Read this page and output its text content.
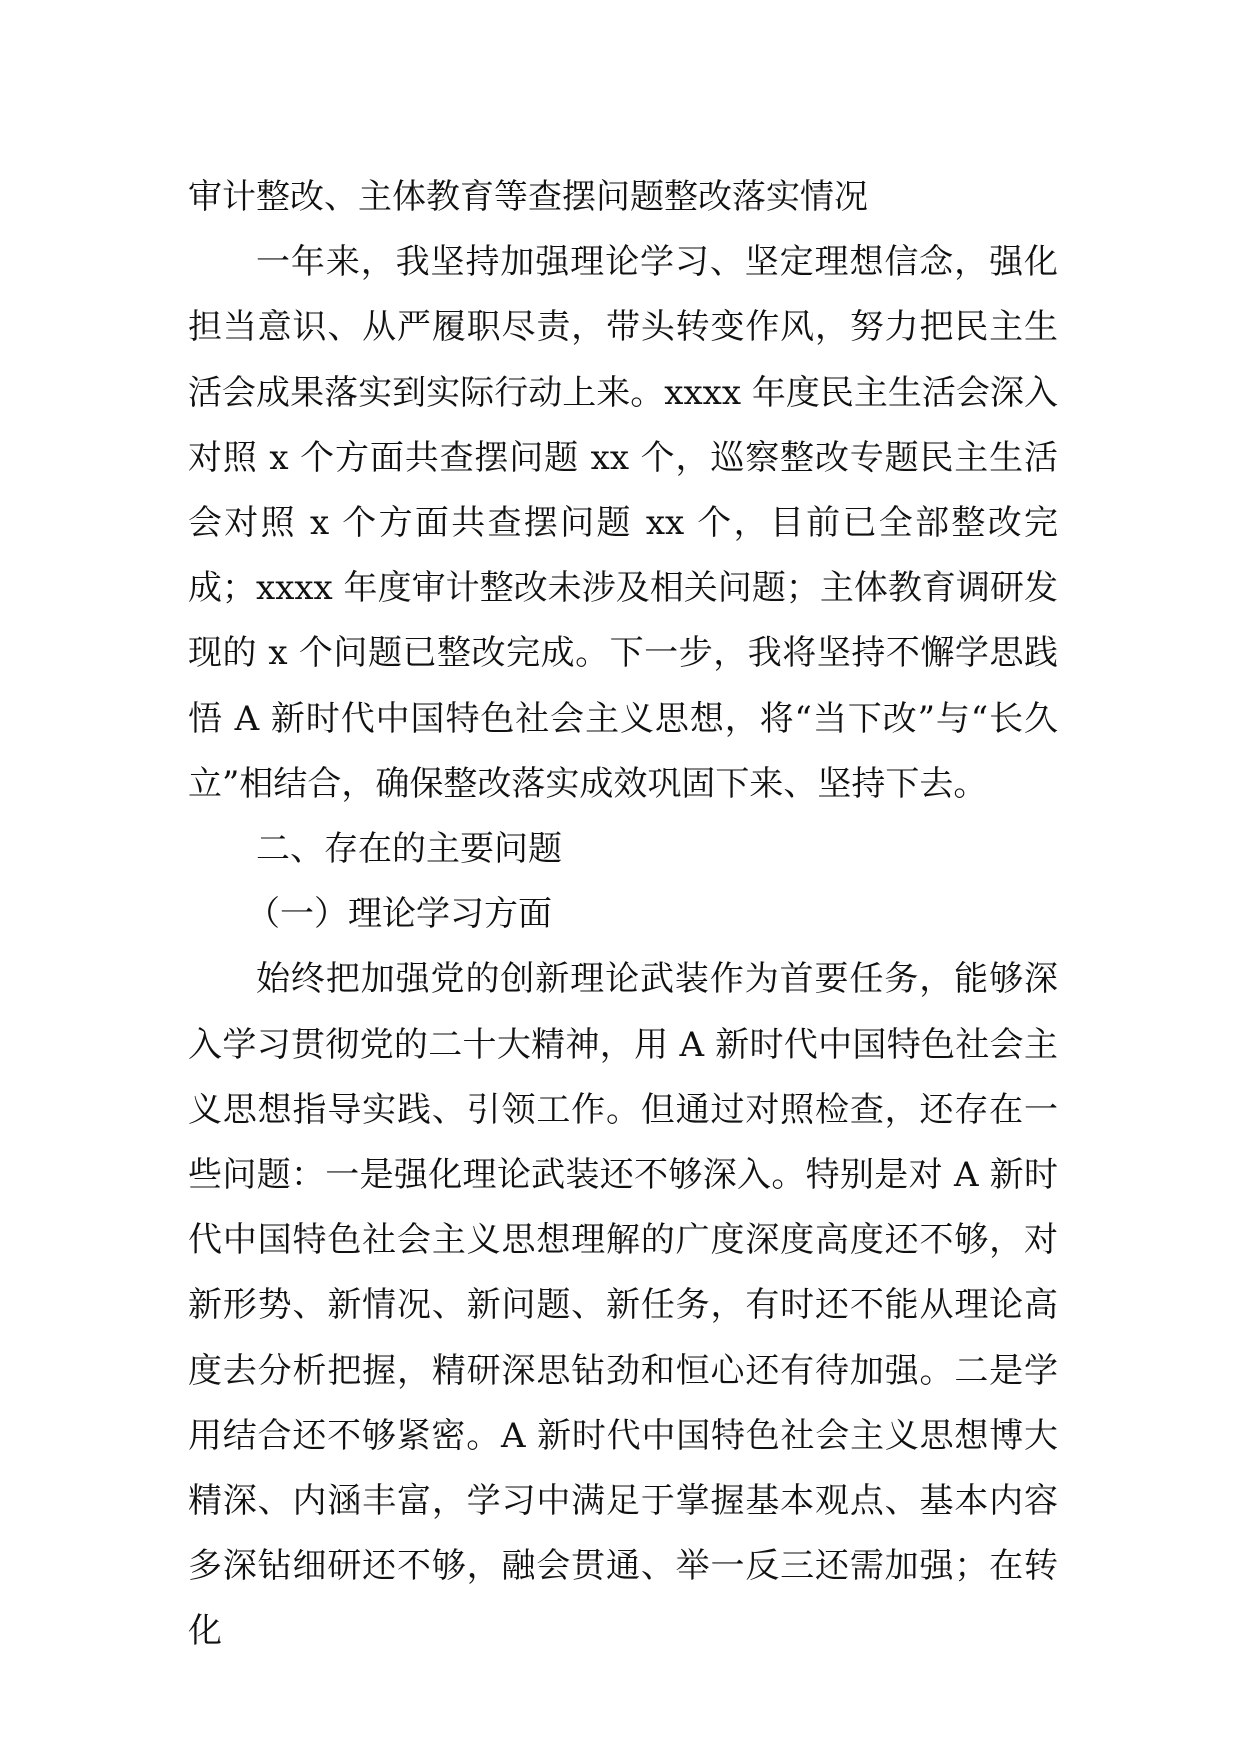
审计整改、主体教育等查摆问题整改落实情况

一年来，我坚持加强理论学习、坚定理想信念，强化担当意识、从严履职尽责，带头转变作风，努力把民主生活会成果落实到实际行动上来。xxxx 年度民主生活会深入对照 x 个方面共查摆问题 xx 个，巡察整改专题民主生活会对照 x 个方面共查摆问题 xx 个，目前已全部整改完成；xxxx 年度审计整改未涉及相关问题；主体教育调研发现的 x 个问题已整改完成。下一步，我将坚持不懈学思践悟 A 新时代中国特色社会主义思想，将“当下改”与“长久立”相结合，确保整改落实成效巩固下来、坚持下去。

二、存在的主要问题

（一）理论学习方面

始终把加强党的创新理论武装作为首要任务，能够深入学习贯彻党的二十大精神，用 A 新时代中国特色社会主义思想指导实践、引领工作。但通过对照检查，还存在一些问题：一是强化理论武装还不够深入。特别是对 A 新时代中国特色社会主义思想理解的广度深度高度还不够，对新形势、新情况、新问题、新任务，有时还不能从理论高度去分析把握，精研深思钻劲和恒心还有待加强。二是学用结合还不够紧密。A 新时代中国特色社会主义思想博大精深、内涵丰富，学习中满足于掌握基本观点、基本内容多深钻细研还不够，融会贯通、举一反三还需加强；在转化
